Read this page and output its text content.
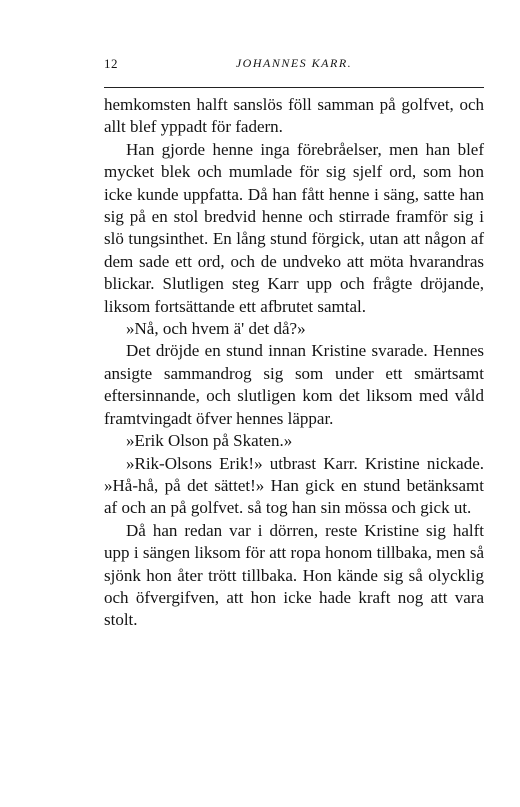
12	JOHANNES KARR.

hemkomsten halft sanslös föll samman på golfvet, och allt blef yppadt för fadern.

Han gjorde henne inga förebråelser, men han blef mycket blek och mumlade för sig sjelf ord, som hon icke kunde uppfatta. Då han fått henne i säng, satte han sig på en stol bredvid henne och stirrade framför sig i slö tungsinthet. En lång stund förgick, utan att någon af dem sade ett ord, och de undveko att möta hvarandras blickar. Slutligen steg Karr upp och frågte dröjande, liksom fortsättande ett afbrutet samtal.

»Nå, och hvem ä' det då?»

Det dröjde en stund innan Kristine svarade. Hennes ansigte sammandrog sig som under ett smärtsamt eftersinnande, och slutligen kom det liksom med våld framtvingadt öfver hennes läppar.

»Erik Olson på Skaten.»

»Rik-Olsons Erik!» utbrast Karr. Kristine nickade. »Hå-hå, på det sättet!» Han gick en stund betänksamt af och an på golfvet. så tog han sin mössa och gick ut.

Då han redan var i dörren, reste Kristine sig halft upp i sängen liksom för att ropa honom tillbaka, men så sjönk hon åter trött tillbaka. Hon kände sig så olycklig och öfvergifven, att hon icke hade kraft nog att vara stolt.
